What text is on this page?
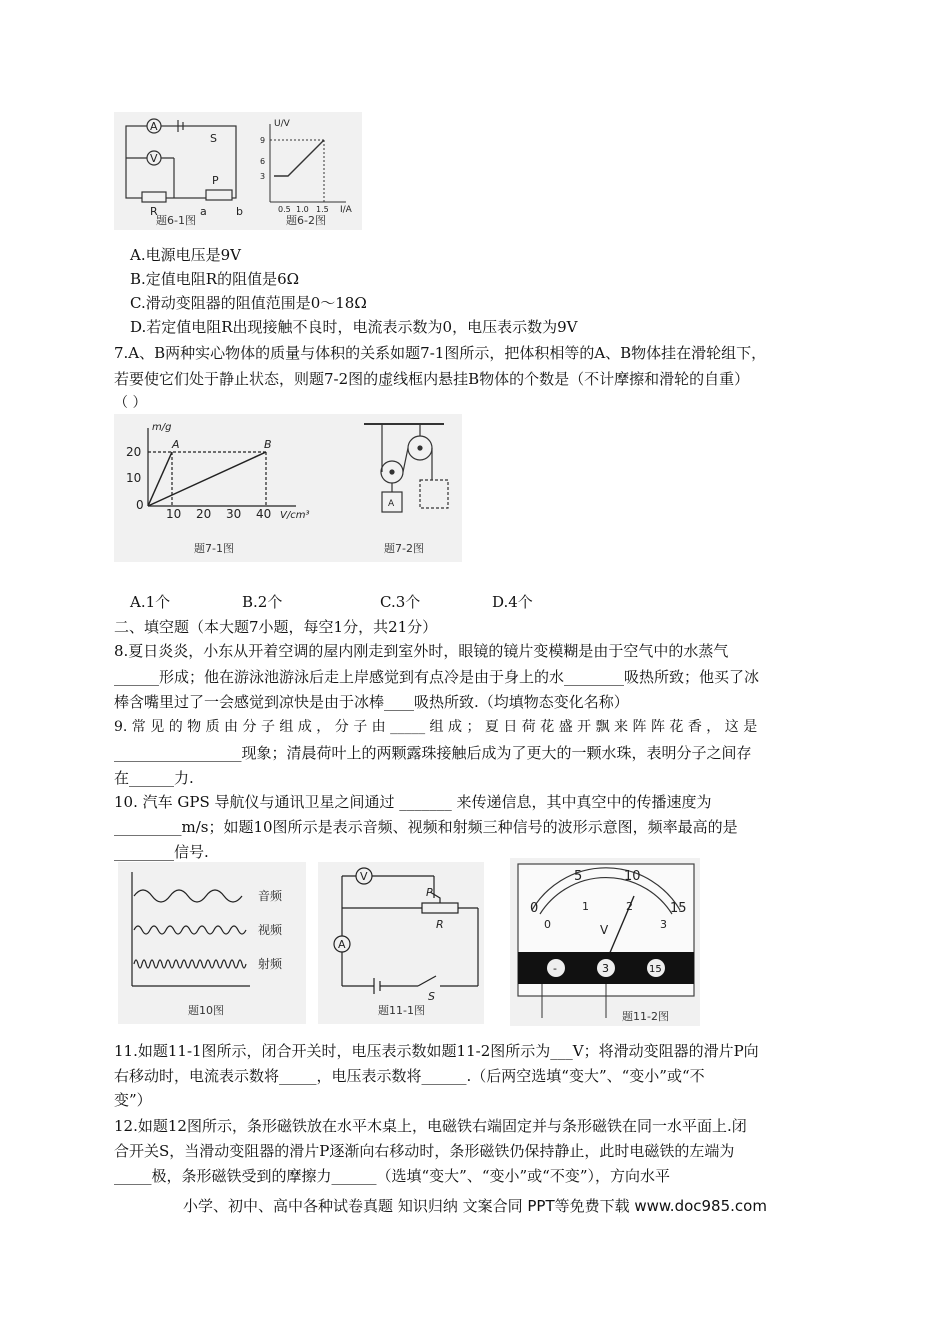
A
V
S
R
P
a	b
题6-1图
U/V
I/A
9
6
3
0.5 1.0 1.5
题6-2图
A.电源电压是9V
B.定值电阻R的阻值是6Ω
C.滑动变阻器的阻值范围是0～18Ω
D.若定值电阻R出现接触不良时，电流表示数为0，电压表示数为9V
7.A、B两种实心物体的质量与体积的关系如题7-1图所示，把体积相等的A、B物体挂在滑轮组下，
若要使它们处于静止状态，则题7-2图的虚线框内悬挂B物体的个数是（不计摩擦和滑轮的自重）
（ ）
m/g
V/cm³
20
10
0
10 20 30 40
A	B
题7-1图
A
题7-2图
A.1个	B.2个	C.3个	D.4个
二、填空题（本大题7小题，每空1分，共21分）
8.夏日炎炎，小东从开着空调的屋内刚走到室外时，眼镜的镜片变模糊是由于空气中的水蒸气
______形成；他在游泳池游泳后走上岸感觉到有点冷是由于身上的水________吸热所致；他买了冰
棒含嘴里过了一会感觉到凉快是由于冰棒____吸热所致.（均填物态变化名称）
9. 常 见 的 物 质 由 分 子 组 成 ， 分 子 由 _____ 组 成 ； 夏 日 荷 花 盛 开 飘 来 阵 阵 花 香 ， 这 是
_________________现象；清晨荷叶上的两颗露珠接触后成为了更大的一颗水珠，表明分子之间存
在______力.
10. 汽车 GPS 导航仪与通讯卫星之间通过 _______ 来传递信息，其中真空中的传播速度为
_________m/s；如题10图所示是表示音频、视频和射频三种信号的波形示意图，频率最高的是
________信号.
音频
视频
射频
题10图
V
P
R
A
S
题11-1图
0
5	10
15
0
1	2
3
V
-	3	15
题11-2图
11.如题11-1图所示，闭合开关时，电压表示数如题11-2图所示为___V；将滑动变阻器的滑片P向
右移动时，电流表示数将_____，电压表示数将______.（后两空选填“变大”、“变小”或“不
变”）
12.如题12图所示，条形磁铁放在水平木桌上，电磁铁右端固定并与条形磁铁在同一水平面上.闭
合开关S，当滑动变阻器的滑片P逐渐向右移动时，条形磁铁仍保持静止，此时电磁铁的左端为
_____极，条形磁铁受到的摩擦力______（选填“变大”、“变小”或“不变”），方向水平
小学、初中、高中各种试卷真题 知识归纳 文案合同 PPT等免费下载 www.doc985.com
